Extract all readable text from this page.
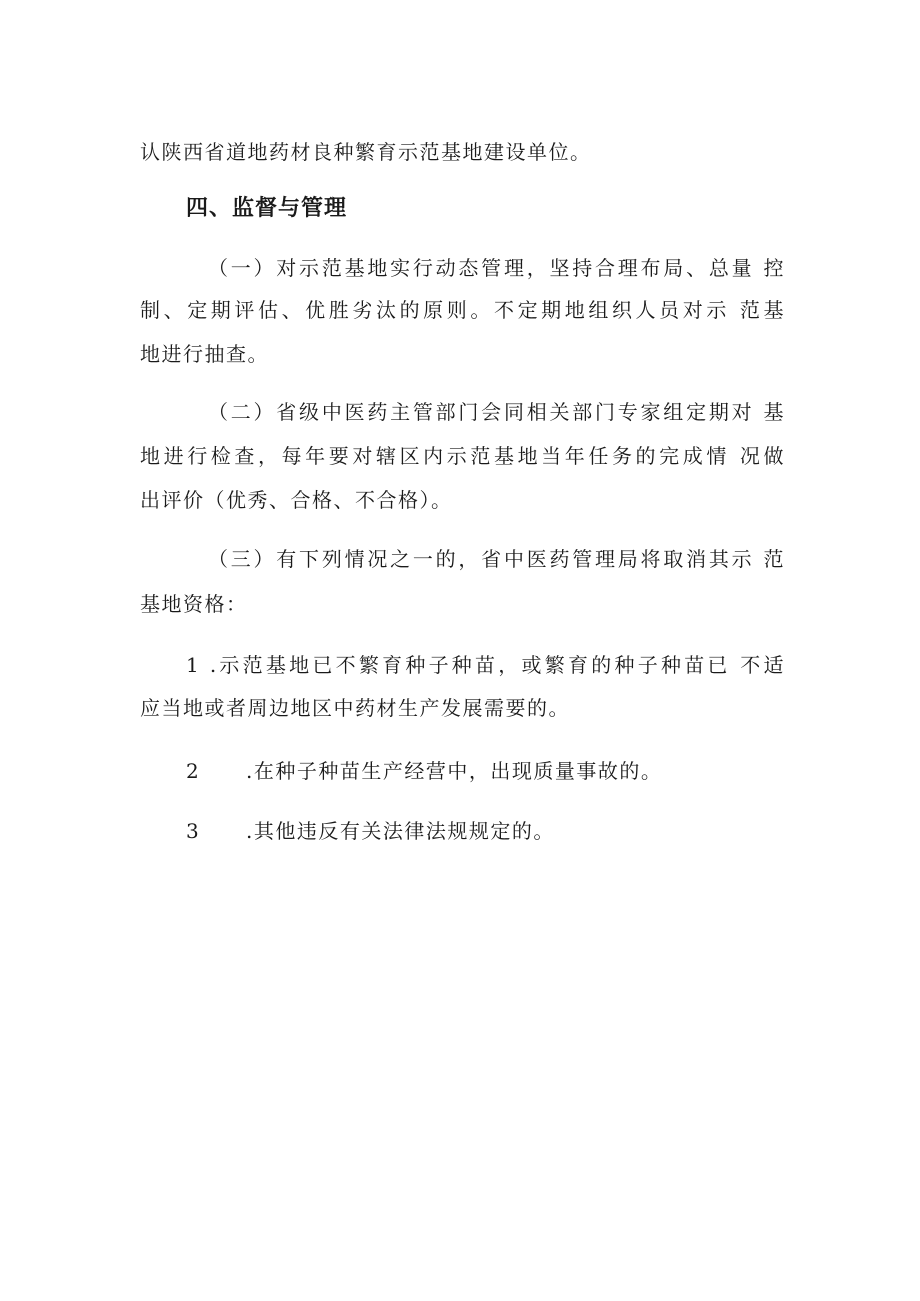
认陕西省道地药材良种繁育示范基地建设单位。
四、监督与管理
（一）对示范基地实行动态管理，坚持合理布局、总量 控
制、定期评估、优胜劣汰的原则。不定期地组织人员对示 范基
地进行抽查。
（二）省级中医药主管部门会同相关部门专家组定期对 基
地进行检查，每年要对辖区内示范基地当年任务的完成情 况做
出评价（优秀、合格、不合格）。
（三）有下列情况之一的，省中医药管理局将取消其示 范
基地资格：
1 .示范基地已不繁育种子种苗，或繁育的种子种苗已 不适
应当地或者周边地区中药材生产发展需要的。
2 .在种子种苗生产经营中，出现质量事故的。
3 .其他违反有关法律法规规定的。
